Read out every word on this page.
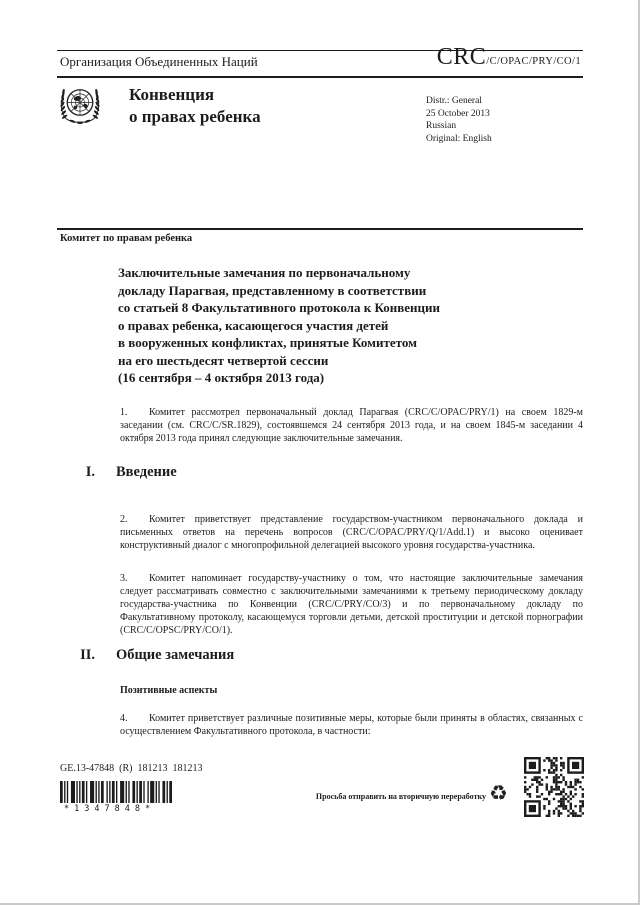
Организация Объединенных Наций	CRC /C/OPAC/PRY/CO/1
Конвенция
о правах ребенка
Distr.: General
25 October 2013
Russian
Original: English
Комитет по правам ребенка
Заключительные замечания по первоначальному
докладу Парагвая, представленному в соответствии
со статьей 8 Факультативного протокола к Конвенции
о правах ребенка, касающегося участия детей
в вооруженных конфликтах, принятые Комитетом
на его шестьдесят четвертой сессии
(16 сентября – 4 октября 2013 года)

1. Комитет рассмотрел первоначальный доклад Парагвая (CRC/C/OPAC/PRY/1) на своем 1829-м заседании (см. CRC/C/SR.1829), состоявшемся 24 сентября 2013 года, и на своем 1845-м заседании 4 октября 2013 года принял следующие заключительные замечания.

I.	Введение

2. Комитет приветствует представление государством-участником первоначального доклада и письменных ответов на перечень вопросов (CRC/C/OPAC/PRY/Q/1/Add.1) и высоко оценивает конструктивный диалог с многопрофильной делегацией высокого уровня государства-участника.

3. Комитет напоминает государству-участнику о том, что настоящие заключительные замечания следует рассматривать совместно с заключительными замечаниями к третьему периодическому докладу государства-участника по Конвенции (CRC/C/PRY/CO/3) и по первоначальному докладу по Факультативному протоколу, касающемуся торговли детьми, детской проституции и детской порнографии (CRC/C/OPSC/PRY/CO/1).

II.	Общие замечания
Позитивные аспекты

4. Комитет приветствует различные позитивные меры, которые были приняты в областях, связанных с осуществлением Факультативного протокола, в частности:

GE.13-47848  (R)  181213  181213
*1347848*
Просьба отправить на вторичную переработку ♻
